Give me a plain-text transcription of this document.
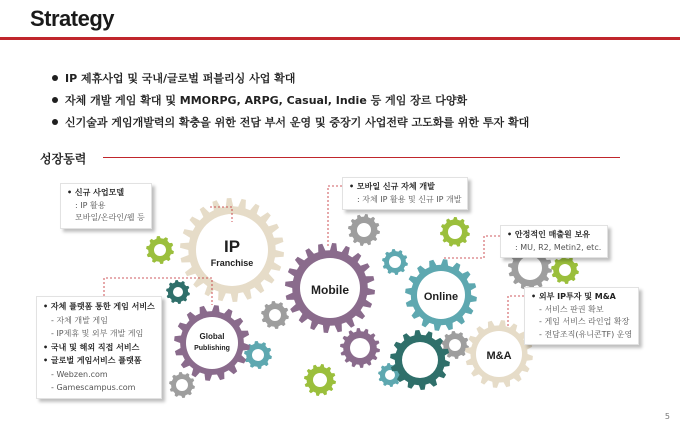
Strategy
IP 제휴사업 및 국내/글로벌 퍼블리싱 사업 확대
자체 개발 게임 확대 및 MMORPG, ARPG, Casual, Indie 등 게임 장르 다양화
신기술과 게임개발력의 확충을 위한 전담 부서 운영 및 중장기 사업전략 고도화를 위한 투자 확대
성장동력
IP
Franchise
Mobile	Online
Global
Publishing
M&A
• 신규 사업모델
: IP 활용
모바일/온라인/웹 등
• 모바일 신규 자체 개발
: 자체 IP 활용 및 신규 IP 개발
• 안정적인 매출원 보유
: MU, R2, Metin2, etc.
• 외부 IP투자 및 M&A
- 서비스 판권 확보
- 게임 서비스 라인업 확장
- 전담조직(유니콘TF) 운영
• 자체 플랫폼 통한 게임 서비스
- 자체 개발 게임
- IP제휴 및 외부 개발 게임
• 국내 및 해외 직접 서비스
• 글로벌 게임서비스 플랫폼
- Webzen.com
- Gamescampus.com
5
